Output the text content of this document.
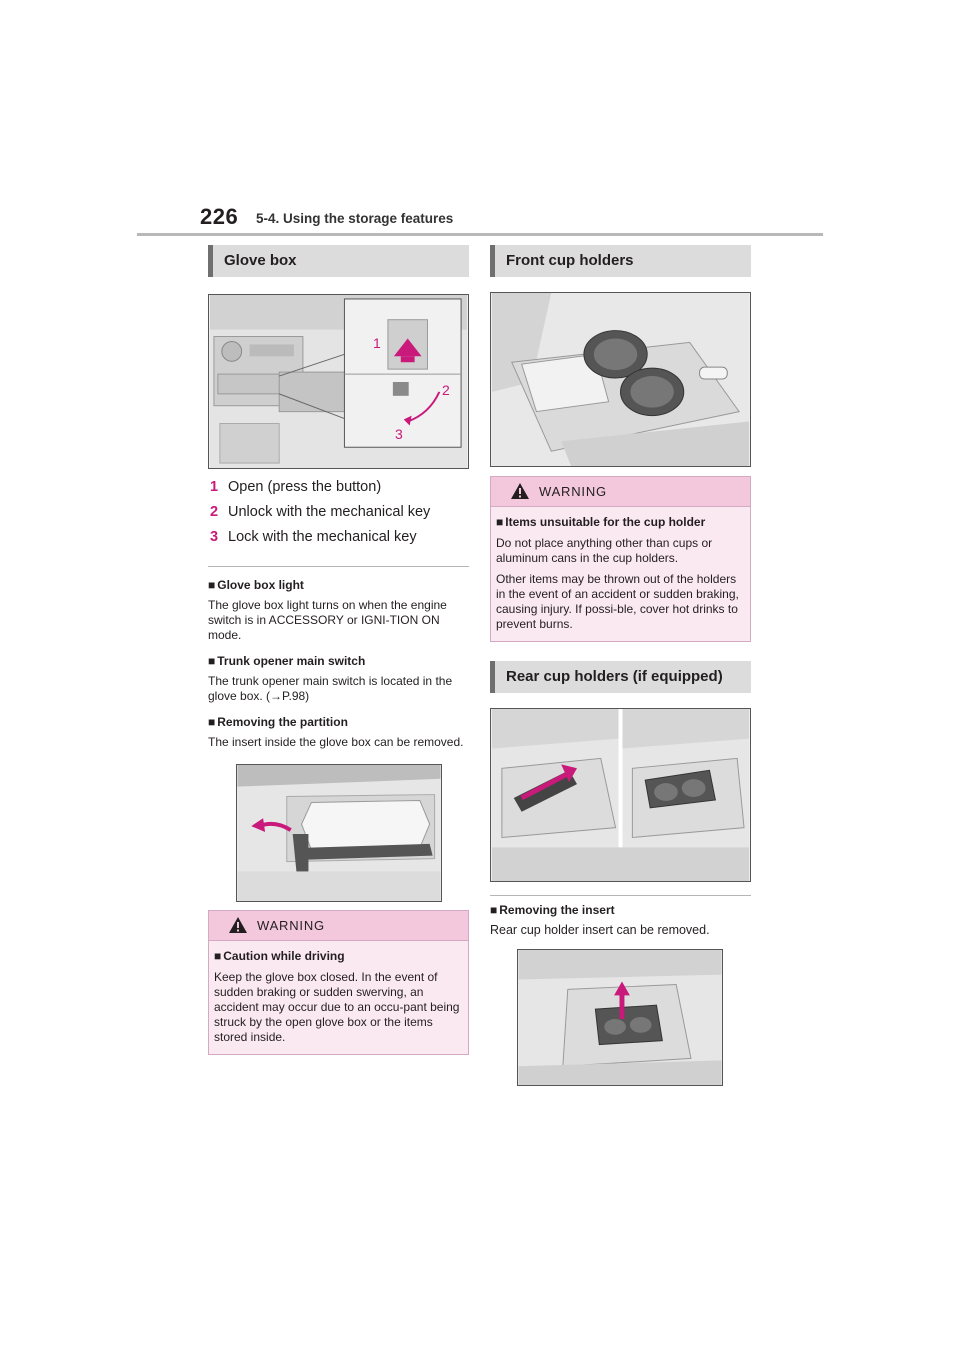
226 5-4. Using the storage features
Glove box
1
2
3
1 Open (press the button)
2 Unlock with the mechanical key
3 Lock with the mechanical key
■ Glove box light
The glove box light turns on when the engine switch is in ACCESSORY or IGNI-TION ON mode.
■ Trunk opener main switch
The trunk opener main switch is located in the glove box. (→P.98)
■ Removing the partition
The insert inside the glove box can be removed.
WARNING
■ Caution while driving

Keep the glove box closed. In the event of sudden braking or sudden swerving, an accident may occur due to an occu-pant being struck by the open glove box or the items stored inside.

Front cup holders
WARNING
■ Items unsuitable for the cup holder

Do not place anything other than cups or aluminum cans in the cup holders.

Other items may be thrown out of the holders in the event of an accident or sudden braking, causing injury. If possi-ble, cover hot drinks to prevent burns.

Rear cup holders (if equipped)
■ Removing the insert
Rear cup holder insert can be removed.
